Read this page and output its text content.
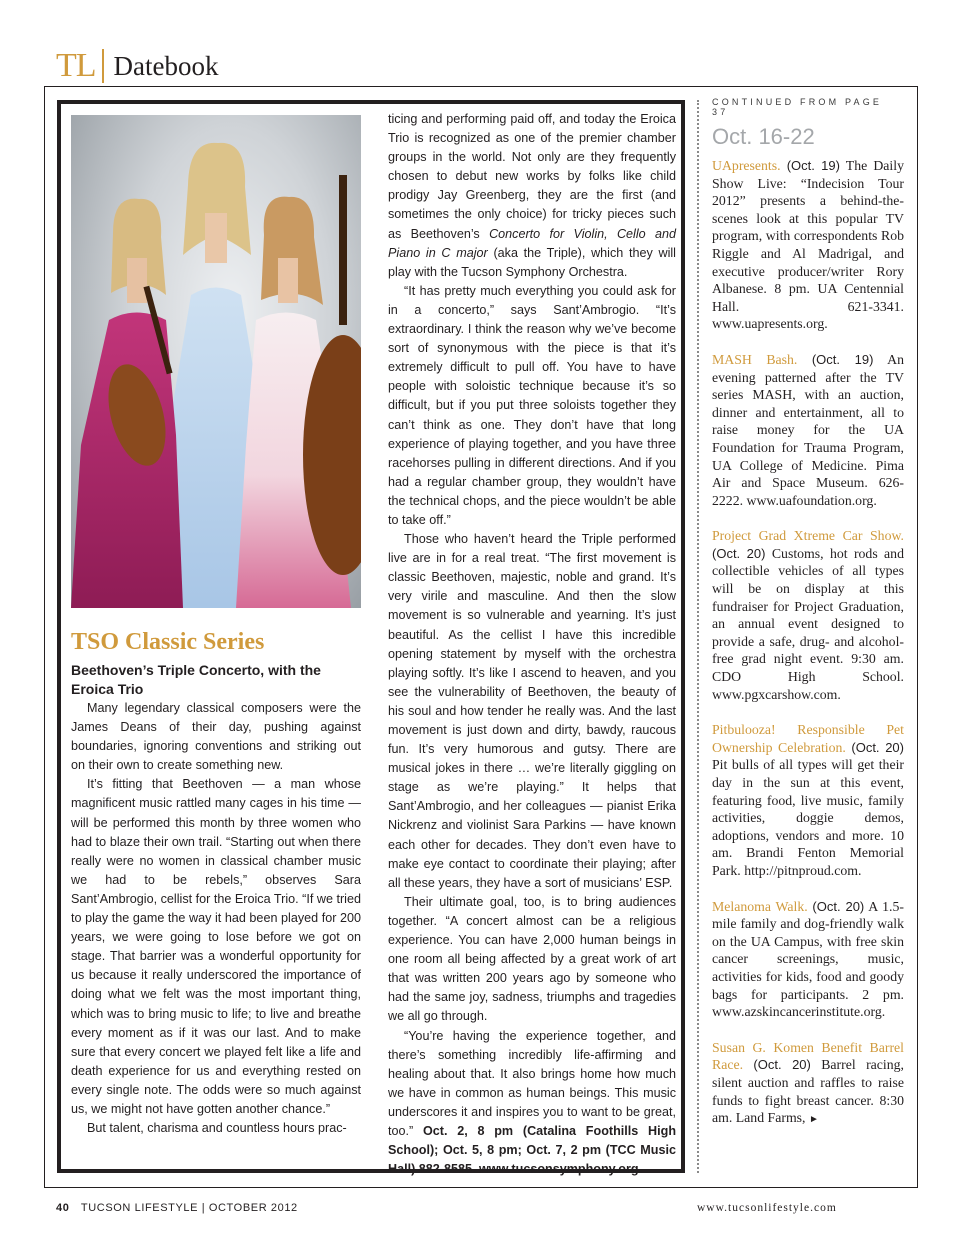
TL Datebook
TSO Classic Series
Beethoven’s Triple Concerto, with the Eroica Trio

Many legendary classical composers were the James Deans of their day, pushing against boundaries, ignoring conventions and striking out on their own to create something new.

It’s fitting that Beethoven — a man whose magnificent music rattled many cages in his time — will be performed this month by three women who had to blaze their own trail. “Starting out when there really were no women in classical chamber music we had to be rebels,” observes Sara Sant’Ambrogio, cellist for the Eroica Trio. “If we tried to play the game the way it had been played for 200 years, we were going to lose before we got on stage. That barrier was a wonderful opportunity for us because it really underscored the importance of doing what we felt was the most important thing, which was to bring music to life; to live and breathe every moment as if it was our last. And to make sure that every concert we played felt like a life and death experience for us and everything rested on every single note. The odds were so much against us, we might not have gotten another chance.”

But talent, charisma and countless hours prac-

ticing and performing paid off, and today the Eroica Trio is recognized as one of the premier chamber groups in the world. Not only are they frequently chosen to debut new works by folks like child prodigy Jay Greenberg, they are the first (and sometimes the only choice) for tricky pieces such as Beethoven’s Concerto for Violin, Cello and Piano in C major (aka the Triple), which they will play with the Tucson Symphony Orchestra.

“It has pretty much everything you could ask for in a concerto,” says Sant’Ambrogio. “It’s extraordinary. I think the reason why we’ve become sort of synonymous with the piece is that it’s extremely difficult to pull off. You have to have people with soloistic technique because it’s so difficult, but if you put three soloists together they can’t think as one. They don’t have that long experience of playing together, and you have three racehorses pulling in different directions. And if you had a regular chamber group, they wouldn’t have the technical chops, and the piece wouldn’t be able to take off.”

Those who haven’t heard the Triple performed live are in for a real treat. “The first movement is classic Beethoven, majestic, noble and grand. It’s very virile and masculine. And then the slow movement is so vulnerable and yearning. It’s just beautiful. As the cellist I have this incredible opening statement by myself with the orchestra playing softly. It’s like I ascend to heaven, and you see the vulnerability of Beethoven, the beauty of his soul and how tender he really was. And the last movement is just down and dirty, bawdy, raucous fun. It’s very humorous and gutsy. There are musical jokes in there … we’re literally giggling on stage as we’re playing.” It helps that Sant’Ambrogio, and her colleagues — pianist Erika Nickrenz and violinist Sara Parkins — have known each other for decades. They don’t even have to make eye contact to coordinate their playing; after all these years, they have a sort of musicians’ ESP.

Their ultimate goal, too, is to bring audiences together. “A concert almost can be a religious experience. You can have 2,000 human beings in one room all being affected by a great work of art that was written 200 years ago by someone who had the same joy, sadness, triumphs and tragedies we all go through.

“You’re having the experience together, and there’s something incredibly life-affirming and healing about that. It also brings home how much we have in common as human beings. This music underscores it and inspires you to want to be great, too.” Oct. 2, 8 pm (Catalina Foothills High School); Oct. 5, 8 pm; Oct. 7, 2 pm (TCC Music Hall) 882-8585. www.tucsonsymphony.org.

CONTINUED FROM PAGE 37

Oct. 16-22

UApresents. (Oct. 19) The Daily Show Live: “Indecision Tour 2012” presents a behind-the-scenes look at this popular TV program, with correspondents Rob Riggle and Al Madrigal, and executive producer/writer Rory Albanese. 8 pm. UA Centennial Hall. 621-3341. www.uapresents.org.

MASH Bash. (Oct. 19) An evening patterned after the TV series MASH, with an auction, dinner and entertainment, all to raise money for the UA Foundation for Trauma Program, UA College of Medicine. Pima Air and Space Museum. 626-2222. www.uafoundation.org.

Project Grad Xtreme Car Show. (Oct. 20) Customs, hot rods and collectible vehicles of all types will be on display at this fundraiser for Project Graduation, an annual event designed to provide a safe, drug- and alcohol-free grad night event. 9:30 am. CDO High School. www.pgxcarshow.com.

Pitbulooza! Responsible Pet Ownership Celebration. (Oct. 20) Pit bulls of all types will get their day in the sun at this event, featuring food, live music, family activities, doggie demos, adoptions, vendors and more. 10 am. Brandi Fenton Memorial Park. http://pitnproud.com.

Melanoma Walk. (Oct. 20) A 1.5-mile family and dog-friendly walk on the UA Campus, with free skin cancer screenings, music, activities for kids, food and goody bags for participants. 2 pm. www.azskincancerinstitute.org.

Susan G. Komen Benefit Barrel Race. (Oct. 20) Barrel racing, silent auction and raffles to raise funds to fight breast cancer. 8:30 am. Land Farms, ►

40 TUCSON LIFESTYLE | OCTOBER 2012	www.tucsonlifestyle.com
